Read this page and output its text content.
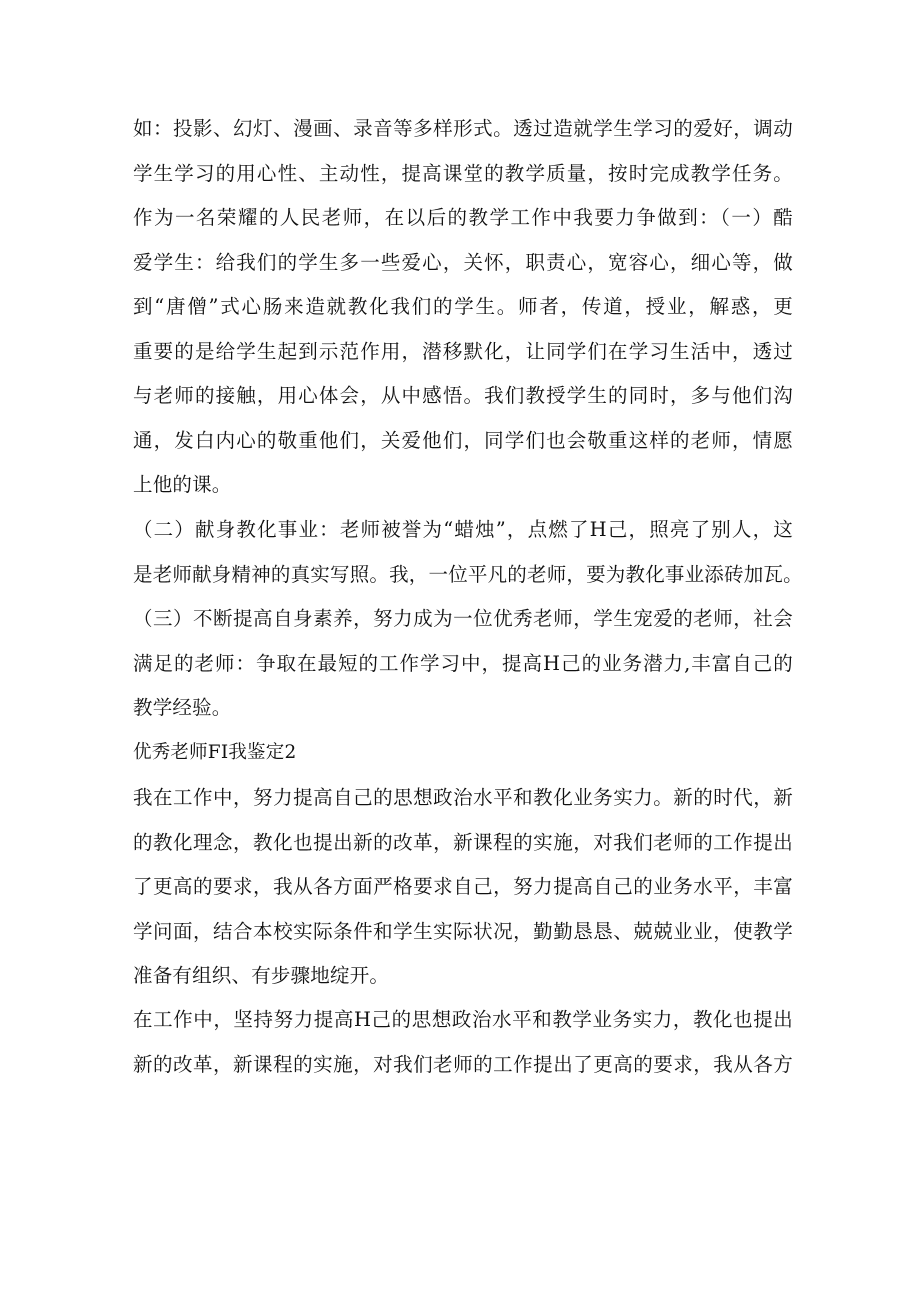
如：投影、幻灯、漫画、录音等多样形式。透过造就学生学习的爱好，调动
学生学习的用心性、主动性，提高课堂的教学质量，按时完成教学任务。
作为一名荣耀的人民老师，在以后的教学工作中我要力争做到：（一）酷
爱学生：给我们的学生多一些爱心，关怀，职责心，宽容心，细心等，做
到“唐僧”式心肠来造就教化我们的学生。师者，传道，授业，解惑，更
重要的是给学生起到示范作用，潜移默化，让同学们在学习生活中，透过
与老师的接触，用心体会，从中感悟。我们教授学生的同时，多与他们沟
通，发白内心的敬重他们，关爱他们，同学们也会敬重这样的老师，情愿
上他的课。
（二）献身教化事业：老师被誉为“蜡烛”，点燃了H己，照亮了别人，这
是老师献身精神的真实写照。我，一位平凡的老师，要为教化事业添砖加瓦。
（三）不断提高自身素养，努力成为一位优秀老师，学生宠爱的老师，社会
满足的老师：争取在最短的工作学习中，提高H己的业务潜力,丰富自己的
教学经验。
优秀老师FI我鉴定2
我在工作中，努力提高自己的思想政治水平和教化业务实力。新的时代，新
的教化理念，教化也提出新的改革，新课程的实施，对我们老师的工作提出
了更高的要求，我从各方面严格要求自己，努力提高自己的业务水平，丰富
学问面，结合本校实际条件和学生实际状况，勤勤恳恳、兢兢业业，使教学
准备有组织、有步骤地绽开。
在工作中，坚持努力提高H己的思想政治水平和教学业务实力，教化也提出
新的改革，新课程的实施，对我们老师的工作提出了更高的要求，我从各方
